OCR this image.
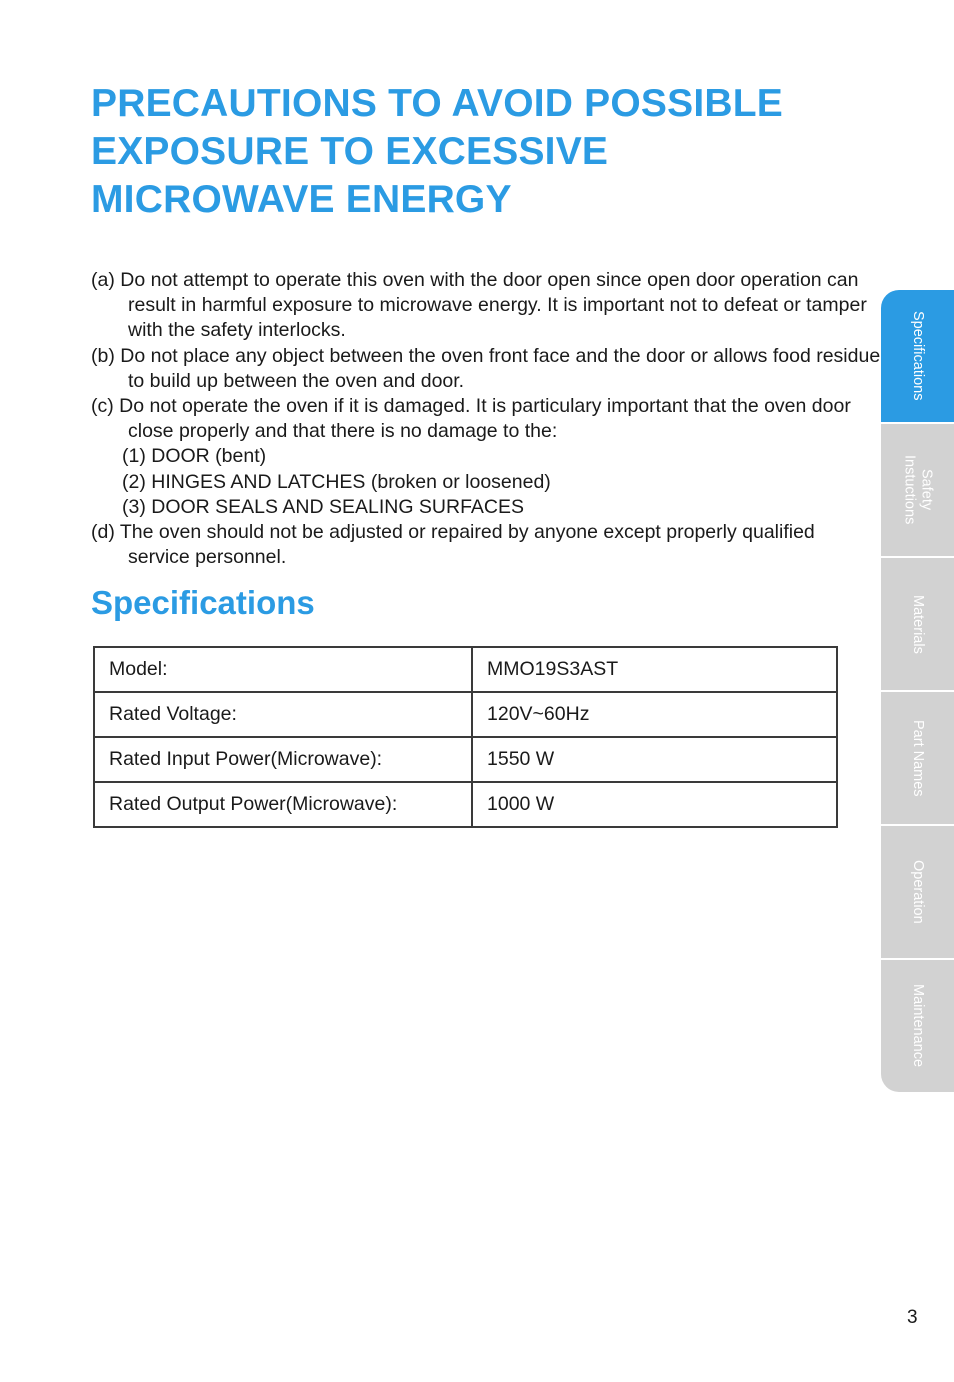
PRECAUTIONS TO AVOID POSSIBLE EXPOSURE TO EXCESSIVE MICROWAVE ENERGY
(a) Do not attempt to operate this oven with the door open since open door operation can result in harmful exposure to microwave energy. It is important not to defeat or tamper with the safety interlocks.
(b) Do not place any object between the oven front face and the door or allows food residue to build up between the oven and door.
(c) Do not operate the oven if it is damaged. It is particulary important that the oven door close properly and that there is no damage to the:
(1) DOOR (bent)
(2) HINGES AND LATCHES (broken or loosened)
(3) DOOR SEALS AND SEALING SURFACES
(d) The oven should not be adjusted or repaired by anyone except properly qualified service personnel.
Specifications
Model:	MMO19S3AST
Rated Voltage:	120V~60Hz
Rated Input Power(Microwave):	1550 W
Rated Output Power(Microwave):	1000 W
Specifications
Safety
Instuctions
Materials
Part Names
Operation
Maintenance
3
